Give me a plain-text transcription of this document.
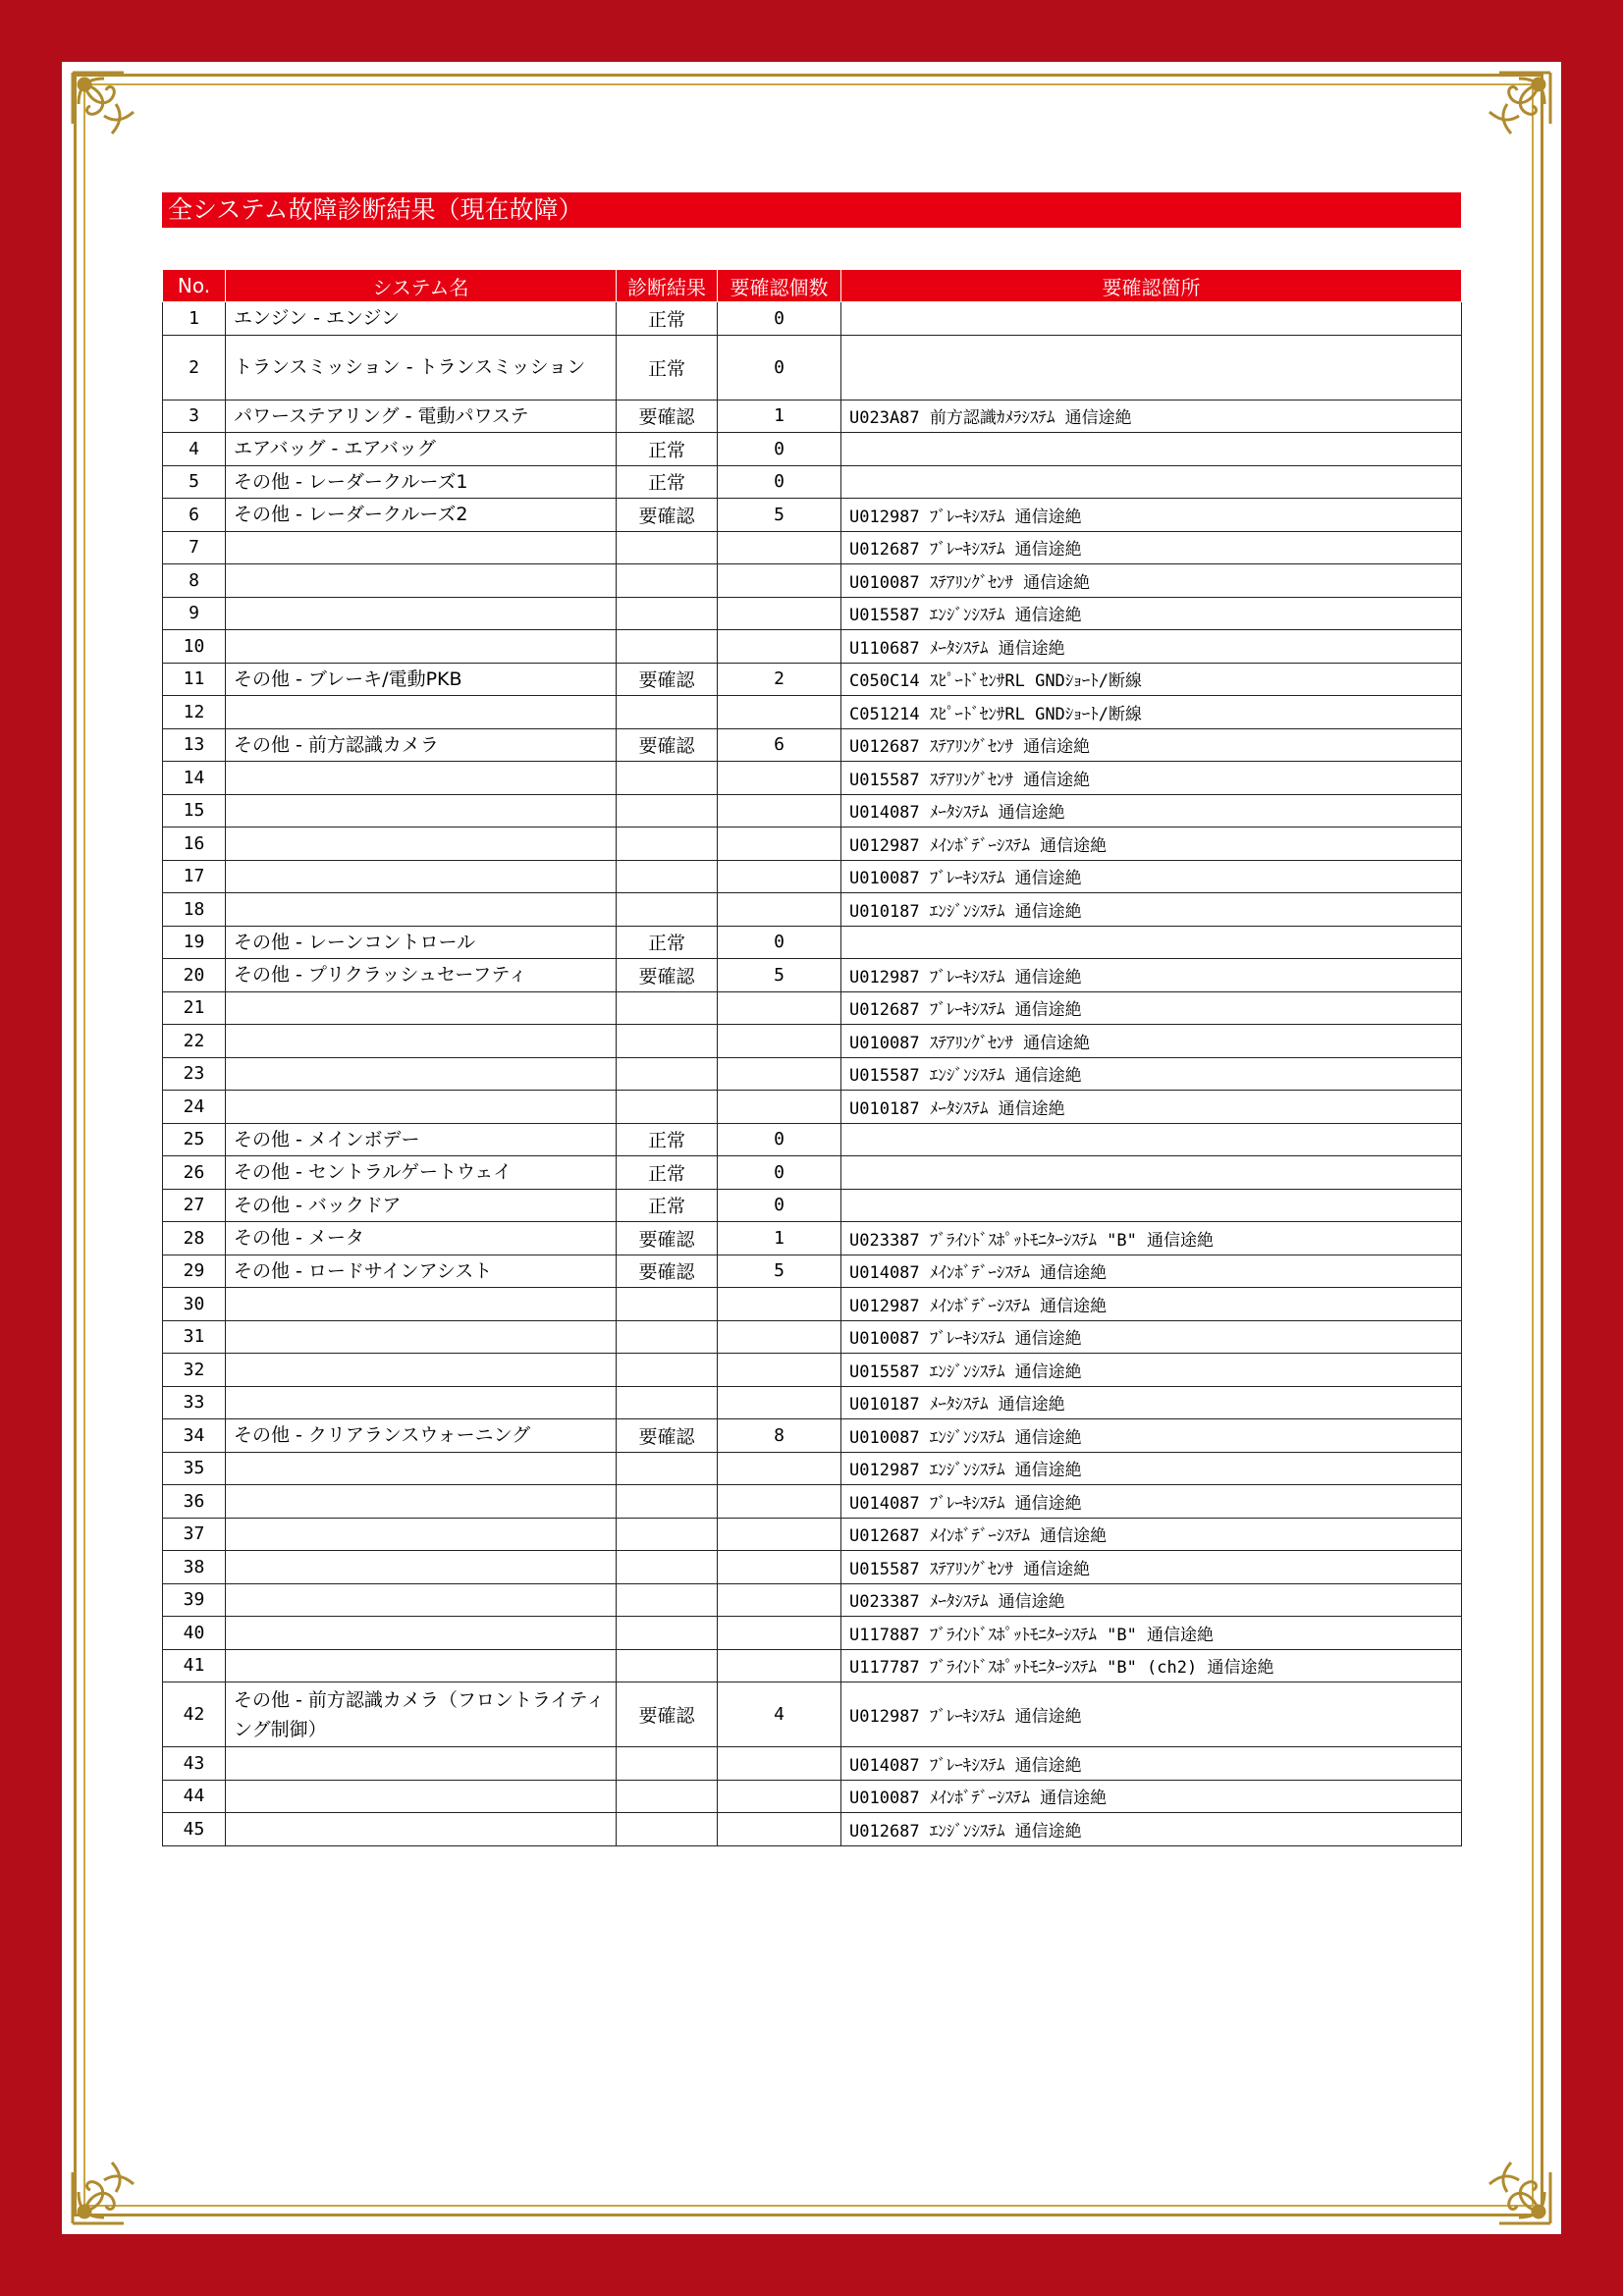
全システム故障診断結果（現在故障）
No.	システム名	診断結果	要確認個数	要確認箇所
1	エンジン - エンジン	正常	0	
2	トランスミッション - トランスミッション	正常	0	
3	パワーステアリング - 電動パワステ	要確認	1	U023A87 前方認識ｶﾒﾗｼｽﾃﾑ 通信途絶
4	エアバッグ - エアバッグ	正常	0	
5	その他 - レーダークルーズ1	正常	0	
6	その他 - レーダークルーズ2	要確認	5	U012987 ﾌﾞﾚｰｷｼｽﾃﾑ 通信途絶
7				U012687 ﾌﾞﾚｰｷｼｽﾃﾑ 通信途絶
8				U010087 ｽﾃｱﾘﾝｸﾞｾﾝｻ 通信途絶
9				U015587 ｴﾝｼﾞﾝｼｽﾃﾑ 通信途絶
10				U110687 ﾒｰﾀｼｽﾃﾑ 通信途絶
11	その他 - ブレーキ/電動PKB	要確認	2	C050C14 ｽﾋﾟｰﾄﾞｾﾝｻRL GNDｼｮｰﾄ/断線
12				C051214 ｽﾋﾟｰﾄﾞｾﾝｻRL GNDｼｮｰﾄ/断線
13	その他 - 前方認識カメラ	要確認	6	U012687 ｽﾃｱﾘﾝｸﾞｾﾝｻ 通信途絶
14				U015587 ｽﾃｱﾘﾝｸﾞｾﾝｻ 通信途絶
15				U014087 ﾒｰﾀｼｽﾃﾑ 通信途絶
16				U012987 ﾒｲﾝﾎﾞﾃﾞｰｼｽﾃﾑ 通信途絶
17				U010087 ﾌﾞﾚｰｷｼｽﾃﾑ 通信途絶
18				U010187 ｴﾝｼﾞﾝｼｽﾃﾑ 通信途絶
19	その他 - レーンコントロール	正常	0	
20	その他 - プリクラッシュセーフティ	要確認	5	U012987 ﾌﾞﾚｰｷｼｽﾃﾑ 通信途絶
21				U012687 ﾌﾞﾚｰｷｼｽﾃﾑ 通信途絶
22				U010087 ｽﾃｱﾘﾝｸﾞｾﾝｻ 通信途絶
23				U015587 ｴﾝｼﾞﾝｼｽﾃﾑ 通信途絶
24				U010187 ﾒｰﾀｼｽﾃﾑ 通信途絶
25	その他 - メインボデー	正常	0	
26	その他 - セントラルゲートウェイ	正常	0	
27	その他 - バックドア	正常	0	
28	その他 - メータ	要確認	1	U023387 ﾌﾞﾗｲﾝﾄﾞｽﾎﾟｯﾄﾓﾆﾀｰｼｽﾃﾑ "B" 通信途絶
29	その他 - ロードサインアシスト	要確認	5	U014087 ﾒｲﾝﾎﾞﾃﾞｰｼｽﾃﾑ 通信途絶
30				U012987 ﾒｲﾝﾎﾞﾃﾞｰｼｽﾃﾑ 通信途絶
31				U010087 ﾌﾞﾚｰｷｼｽﾃﾑ 通信途絶
32				U015587 ｴﾝｼﾞﾝｼｽﾃﾑ 通信途絶
33				U010187 ﾒｰﾀｼｽﾃﾑ 通信途絶
34	その他 - クリアランスウォーニング	要確認	8	U010087 ｴﾝｼﾞﾝｼｽﾃﾑ 通信途絶
35				U012987 ｴﾝｼﾞﾝｼｽﾃﾑ 通信途絶
36				U014087 ﾌﾞﾚｰｷｼｽﾃﾑ 通信途絶
37				U012687 ﾒｲﾝﾎﾞﾃﾞｰｼｽﾃﾑ 通信途絶
38				U015587 ｽﾃｱﾘﾝｸﾞｾﾝｻ 通信途絶
39				U023387 ﾒｰﾀｼｽﾃﾑ 通信途絶
40				U117887 ﾌﾞﾗｲﾝﾄﾞｽﾎﾟｯﾄﾓﾆﾀｰｼｽﾃﾑ "B" 通信途絶
41				U117787 ﾌﾞﾗｲﾝﾄﾞｽﾎﾟｯﾄﾓﾆﾀｰｼｽﾃﾑ "B" (ch2) 通信途絶
42	その他 - 前方認識カメラ（フロントライティング制御）	要確認	4	U012987 ﾌﾞﾚｰｷｼｽﾃﾑ 通信途絶
43				U014087 ﾌﾞﾚｰｷｼｽﾃﾑ 通信途絶
44				U010087 ﾒｲﾝﾎﾞﾃﾞｰｼｽﾃﾑ 通信途絶
45				U012687 ｴﾝｼﾞﾝｼｽﾃﾑ 通信途絶
